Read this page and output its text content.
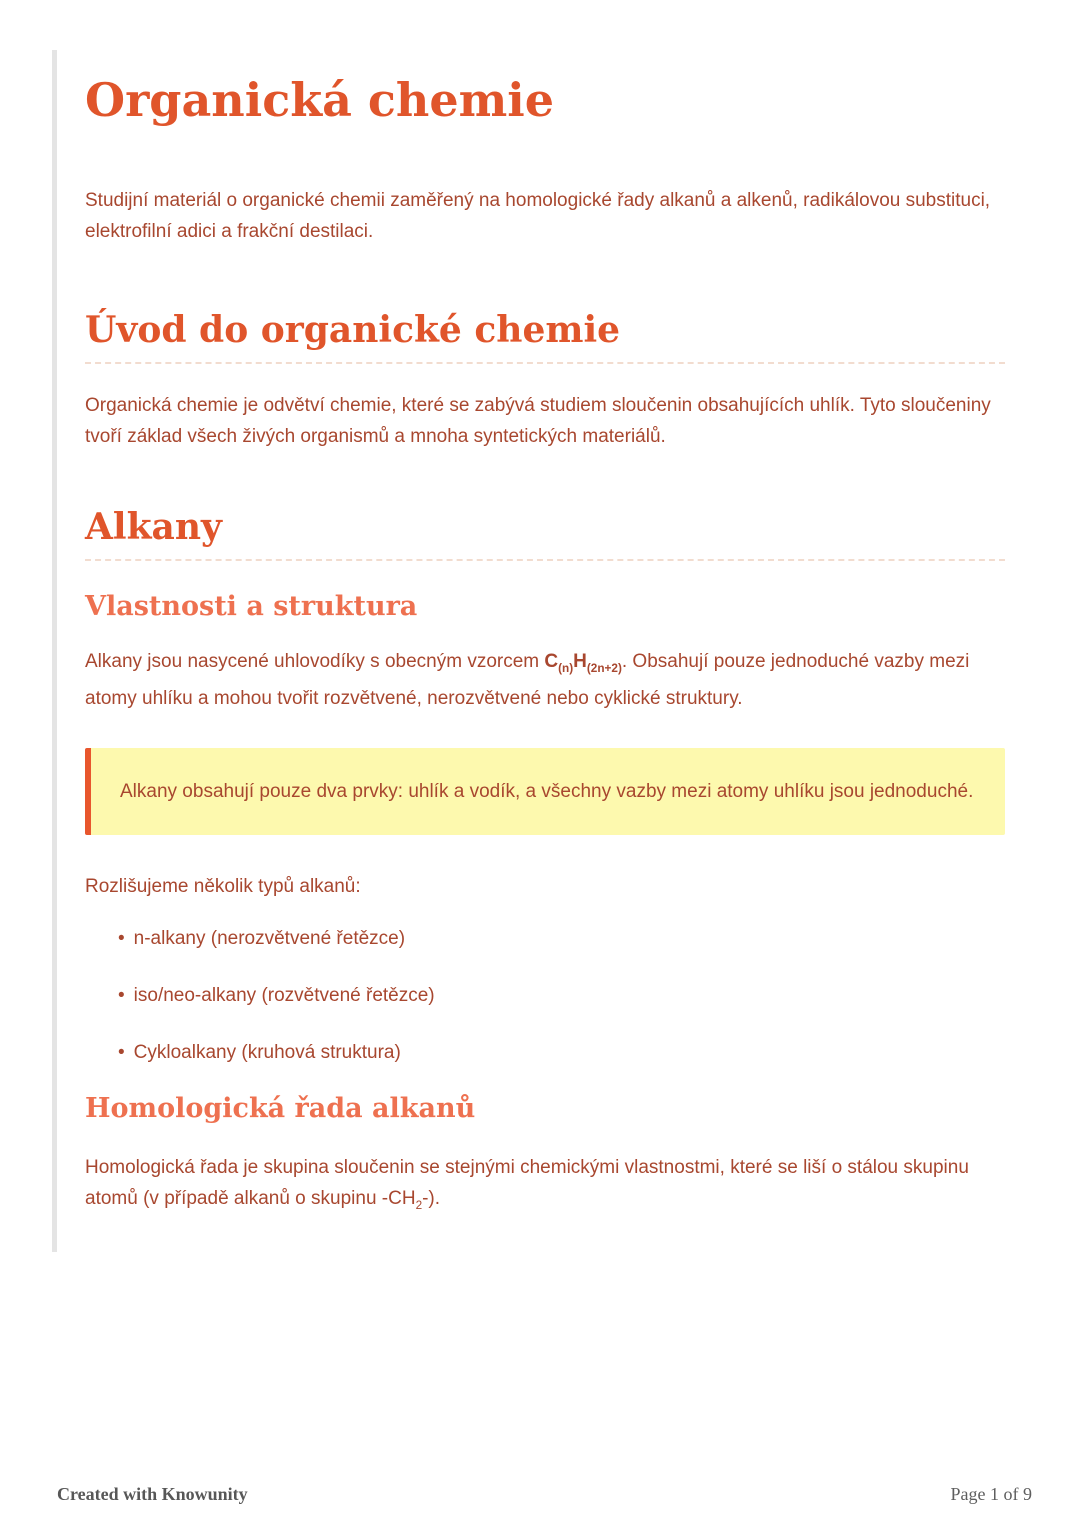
Organická chemie

Studijní materiál o organické chemii zaměřený na homologické řady alkanů a alkenů, radikálovou substituci, elektrofilní adici a frakční destilaci.

Úvod do organické chemie

Organická chemie je odvětví chemie, které se zabývá studiem sloučenin obsahujících uhlík. Tyto sloučeniny tvoří základ všech živých organismů a mnoha syntetických materiálů.

Alkany
Vlastnosti a struktura

Alkany jsou nasycené uhlovodíky s obecným vzorcem $C_{(n)}H_{(2n+2)}$. Obsahují pouze jednoduché vazby mezi atomy uhlíku a mohou tvořit rozvětvené, nerozvětvené nebo cyklické struktury.

Alkany obsahují pouze dva prvky: uhlík a vodík, a všechny vazby mezi atomy uhlíku jsou jednoduché.

Rozlišujeme několik typů alkanů:

• n-alkany (nerozvětvené řetězce)
• iso/neo-alkany (rozvětvené řetězce)
• Cykloalkany (kruhová struktura)
Homologická řada alkanů

Homologická řada je skupina sloučenin se stejnými chemickými vlastnostmi, které se liší o stálou skupinu atomů (v případě alkanů o skupinu $-CH_2-$).

Created with Knowunity	Page 1 of 9
